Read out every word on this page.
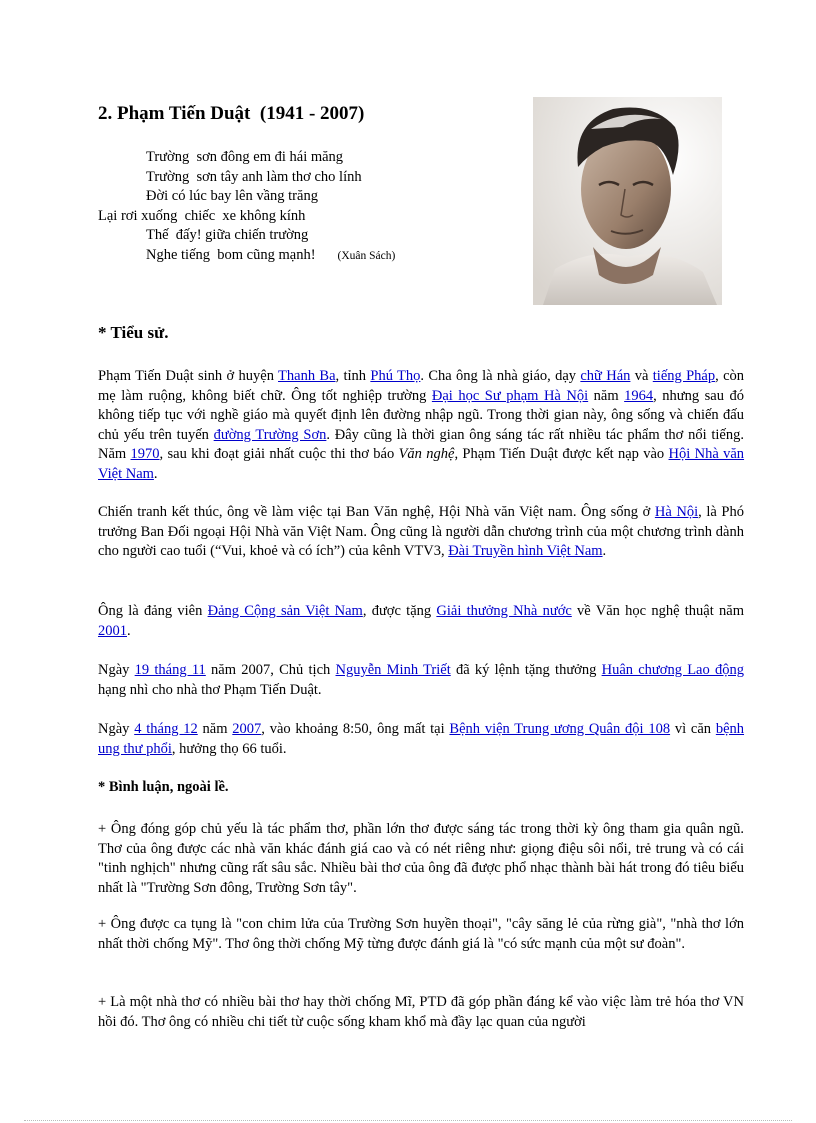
2. Phạm Tiến Duật  (1941 - 2007)
Trường  sơn đông em đi hái măng
Trường  sơn tây anh làm thơ cho lính
Đời có lúc bay lên vầng trăng
Lại rơi xuống  chiếc  xe không kính
Thế  đấy! giữa chiến trường
Nghe tiếng  bom cũng mạnh! (Xuân Sách)
* Tiểu sử.
Phạm Tiến Duật sinh ở huyện Thanh Ba, tỉnh Phú Thọ. Cha ông là nhà giáo, dạy chữ Hán và tiếng Pháp, còn mẹ làm ruộng, không biết chữ. Ông tốt nghiệp trường Đại học Sư phạm Hà Nội năm 1964, nhưng sau đó không tiếp tục với nghề giáo mà quyết định lên đường nhập ngũ. Trong thời gian này, ông sống và chiến đấu chủ yếu trên tuyến đường Trường Sơn. Đây cũng là thời gian ông sáng tác rất nhiều tác phẩm thơ nổi tiếng. Năm 1970, sau khi đoạt giải nhất cuộc thi thơ báo Văn nghệ, Phạm Tiến Duật được kết nạp vào Hội Nhà văn Việt Nam.
Chiến tranh kết thúc, ông về làm việc tại Ban Văn nghệ, Hội Nhà văn Việt nam. Ông sống ở Hà Nội, là Phó trưởng Ban Đối ngoại Hội Nhà văn Việt Nam. Ông cũng là người dẫn chương trình của một chương trình dành cho người cao tuổi (“Vui, khoẻ và có ích”) của kênh VTV3, Đài Truyền hình Việt Nam.
Ông là đảng viên Đảng Cộng sản Việt Nam, được tặng Giải thưởng Nhà nước về Văn học nghệ thuật năm 2001.
Ngày 19 tháng 11 năm 2007, Chủ tịch Nguyễn Minh Triết đã ký lệnh tặng thưởng Huân chương Lao động hạng nhì cho nhà thơ Phạm Tiến Duật.
Ngày 4 tháng 12 năm 2007, vào khoảng 8:50, ông mất tại Bệnh viện Trung ương Quân đội 108 vì căn bệnh ung thư phổi, hưởng thọ 66 tuổi.
* Bình luận, ngoài lề.
+ Ông đóng góp chủ yếu là tác phẩm thơ, phần lớn thơ được sáng tác trong thời kỳ ông tham gia quân ngũ. Thơ của ông được các nhà văn khác đánh giá cao và có nét riêng như: giọng điệu sôi nổi, trẻ trung và có cái "tinh nghịch" nhưng cũng rất sâu sắc. Nhiều bài thơ của ông đã được phổ nhạc thành bài hát trong đó tiêu biểu nhất là "Trường Sơn đông, Trường Sơn tây".
+ Ông được ca tụng là "con chim lửa của Trường Sơn huyền thoại", "cây săng lẻ của rừng già", "nhà thơ lớn nhất thời chống Mỹ". Thơ ông thời chống Mỹ từng được đánh giá là "có sức mạnh của một sư đoàn".
+ Là một nhà thơ có nhiều bài thơ hay thời chống Mĩ, PTD đã góp phần đáng kể vào việc làm trẻ hóa thơ VN hồi đó. Thơ ông có nhiều chi tiết từ cuộc sống kham khổ mà đầy lạc quan của người
